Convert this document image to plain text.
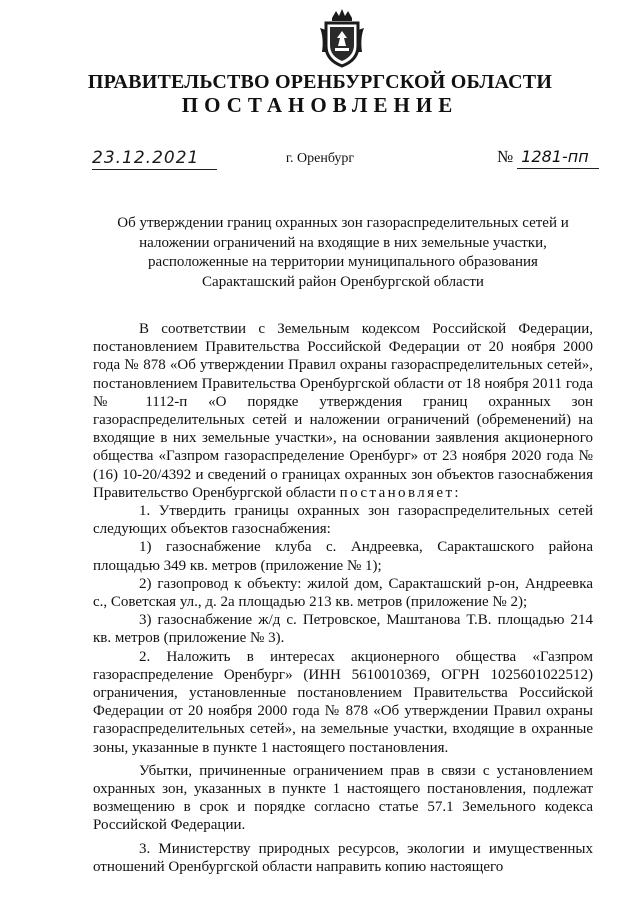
ПРАВИТЕЛЬСТВО ОРЕНБУРГСКОЙ ОБЛАСТИ
ПОСТАНОВЛЕНИЕ
23.12.2021	г. Оренбург	№ 1281-пп
Об утверждении границ охранных зон газораспределительных сетей и
наложении ограничений на входящие в них земельные участки,
расположенные на территории муниципального образования
Саракташский район Оренбургской области

В соответствии с Земельным кодексом Российской Федерации, постановлением Правительства Российской Федерации от 20 ноября 2000 года № 878 «Об утверждении Правил охраны газораспределительных сетей», постановлением Правительства Оренбургской области от 18 ноября 2011 года № 1112-п «О порядке утверждения границ охранных зон газораспределительных сетей и наложении ограничений (обременений) на входящие в них земельные участки», на основании заявления акционерного общества «Газпром газораспределение Оренбург» от 23 ноября 2020 года № (16) 10-20/4392 и сведений о границах охранных зон объектов газоснабжения Правительство Оренбургской области постановляет:

1. Утвердить границы охранных зон газораспределительных сетей следующих объектов газоснабжения:

1) газоснабжение клуба с. Андреевка, Саракташского района площадью 349 кв. метров (приложение № 1);

2) газопровод к объекту: жилой дом, Саракташский р-он, Андреевка с., Советская ул., д. 2а площадью 213 кв. метров (приложение № 2);

3) газоснабжение ж/д с. Петровское, Маштанова Т.В. площадью 214 кв. метров (приложение № 3).

2. Наложить в интересах акционерного общества «Газпром газораспределение Оренбург» (ИНН 5610010369, ОГРН 1025601022512) ограничения, установленные постановлением Правительства Российской Федерации от 20 ноября 2000 года № 878 «Об утверждении Правил охраны газораспределительных сетей», на земельные участки, входящие в охранные зоны, указанные в пункте 1 настоящего постановления.

Убытки, причиненные ограничением прав в связи с установлением охранных зон, указанных в пункте 1 настоящего постановления, подлежат возмещению в срок и порядке согласно статье 57.1 Земельного кодекса Российской Федерации.

3. Министерству природных ресурсов, экологии и имущественных отношений Оренбургской области направить копию настоящего
